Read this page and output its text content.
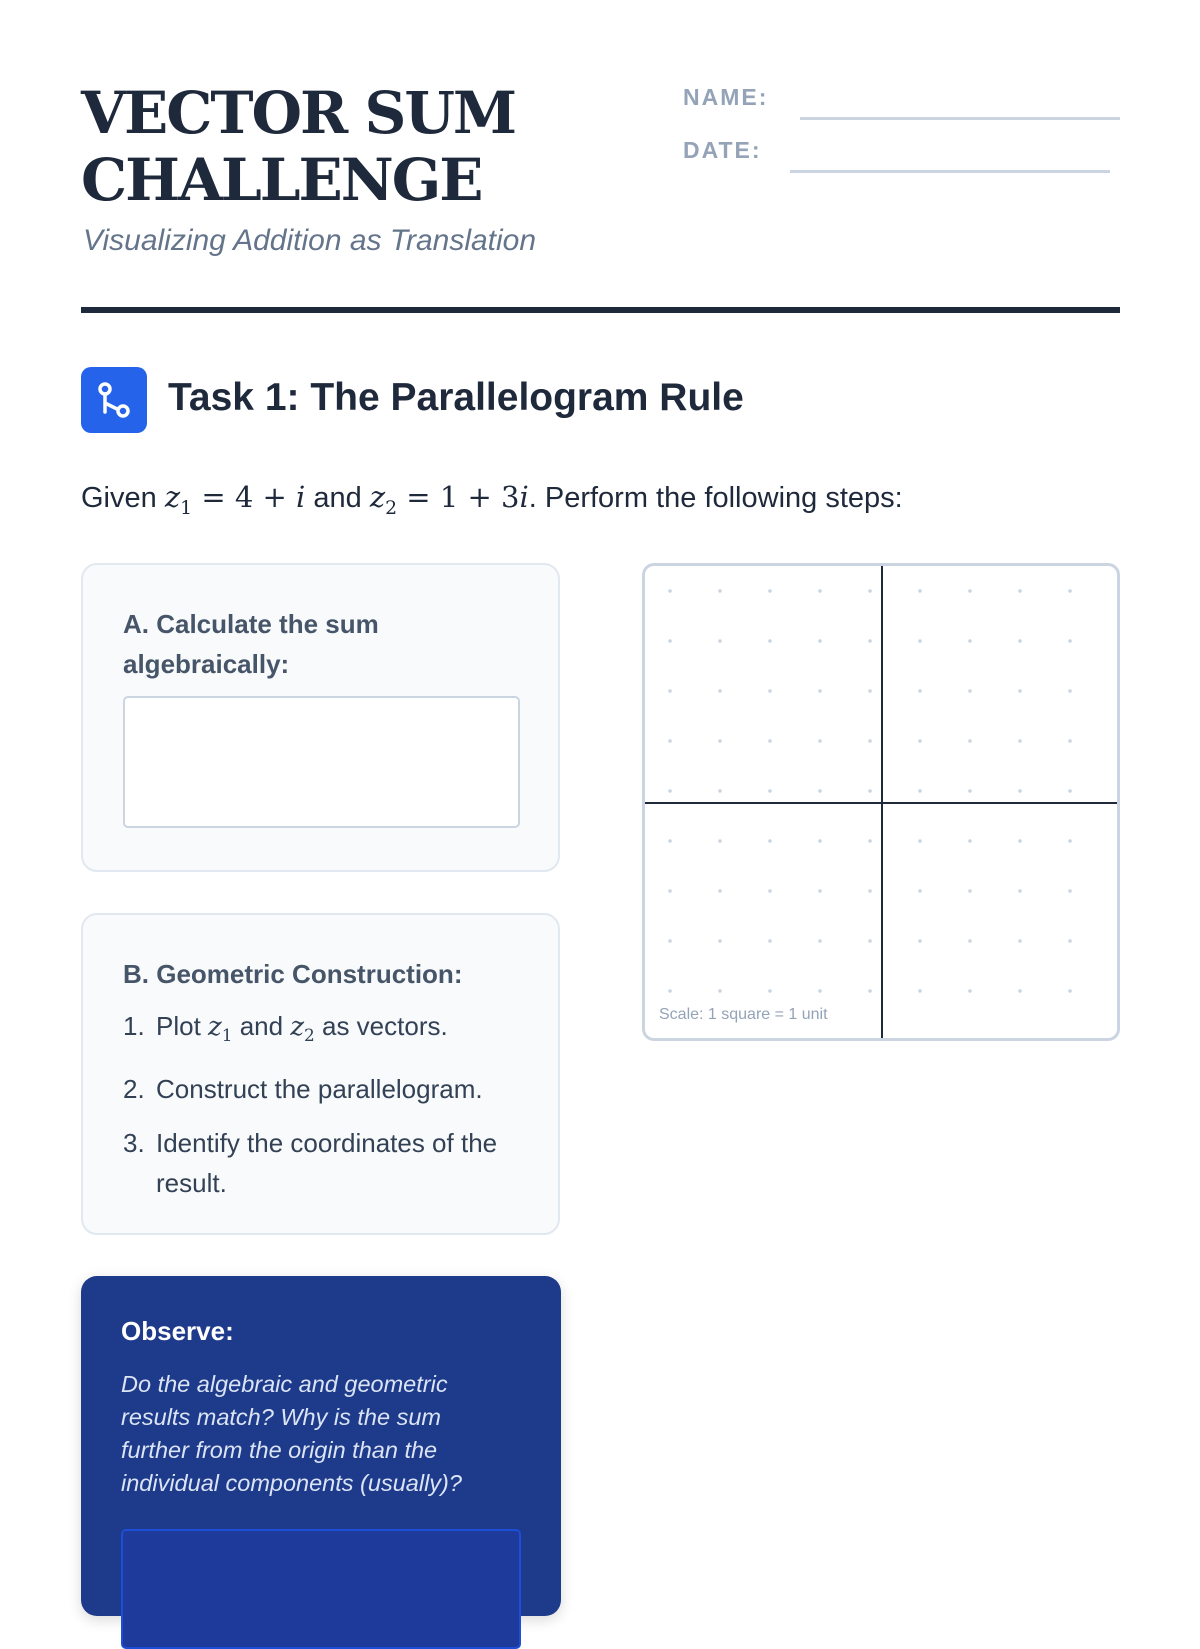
VECTOR SUM
CHALLENGE
Visualizing Addition as Translation
NAME:
DATE:
Task 1: The Parallelogram Rule
Given $z_1 = 4 + i$ and $z_2 = 1 + 3i$. Perform the following steps:
A. Calculate the sum algebraically:
B. Geometric Construction:
1. Plot $z_1$ and $z_2$ as vectors.
2. Construct the parallelogram.
3. Identify the coordinates of the result.
Observe:
Do the algebraic and geometric results match? Why is the sum further from the origin than the individual components (usually)?
Scale: 1 square = 1 unit
